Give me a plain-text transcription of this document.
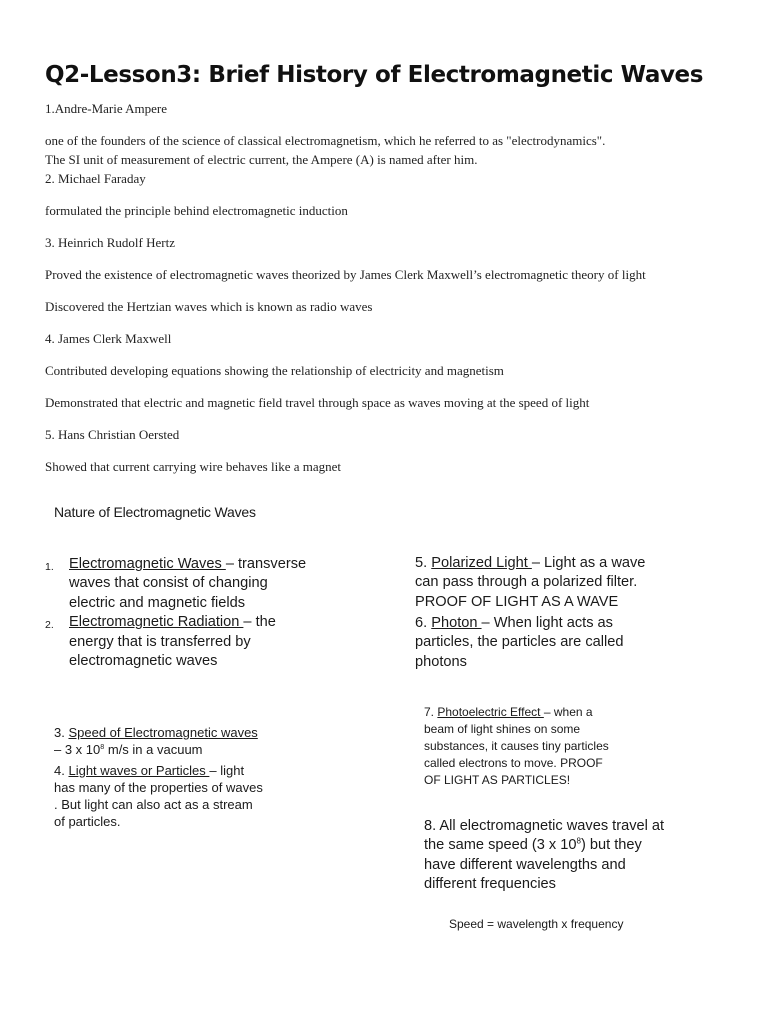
Q2-Lesson3: Brief History of Electromagnetic Waves
1.Andre-Marie Ampere
one of the founders of the science of classical electromagnetism, which he referred to as "electrodynamics".
The SI unit of measurement of electric current, the Ampere (A) is named after him.
2. Michael Faraday
formulated the principle behind electromagnetic induction
3. Heinrich Rudolf Hertz
Proved the existence of electromagnetic waves theorized by James Clerk Maxwell’s electromagnetic theory of light
Discovered the Hertzian waves which is known as radio waves
4. James Clerk Maxwell
Contributed developing equations showing the relationship of electricity and magnetism
Demonstrated that electric and magnetic field travel through space as waves moving at the speed of light
5. Hans Christian Oersted
Showed that current carrying wire behaves like a magnet
Nature of Electromagnetic Waves
1. Electromagnetic Waves – transverse waves that consist of changing electric and magnetic fields
2. Electromagnetic Radiation – the energy that is transferred by electromagnetic waves
3. Speed of Electromagnetic waves – 3 x $10^8$ m/s in a vacuum
4. Light waves or Particles – light has many of the properties of waves . But light can also act as a stream of particles.
5. Polarized Light – Light as a wave can pass through a polarized filter. PROOF OF LIGHT AS A WAVE
6. Photon – When light acts as particles, the particles are called photons
7. Photoelectric Effect – when a beam of light shines on some substances, it causes tiny particles called electrons to move. PROOF OF LIGHT AS PARTICLES!
8. All electromagnetic waves travel at the same speed (3 x $10^8$) but they have different wavelengths and different frequencies
Speed = wavelength x frequency
